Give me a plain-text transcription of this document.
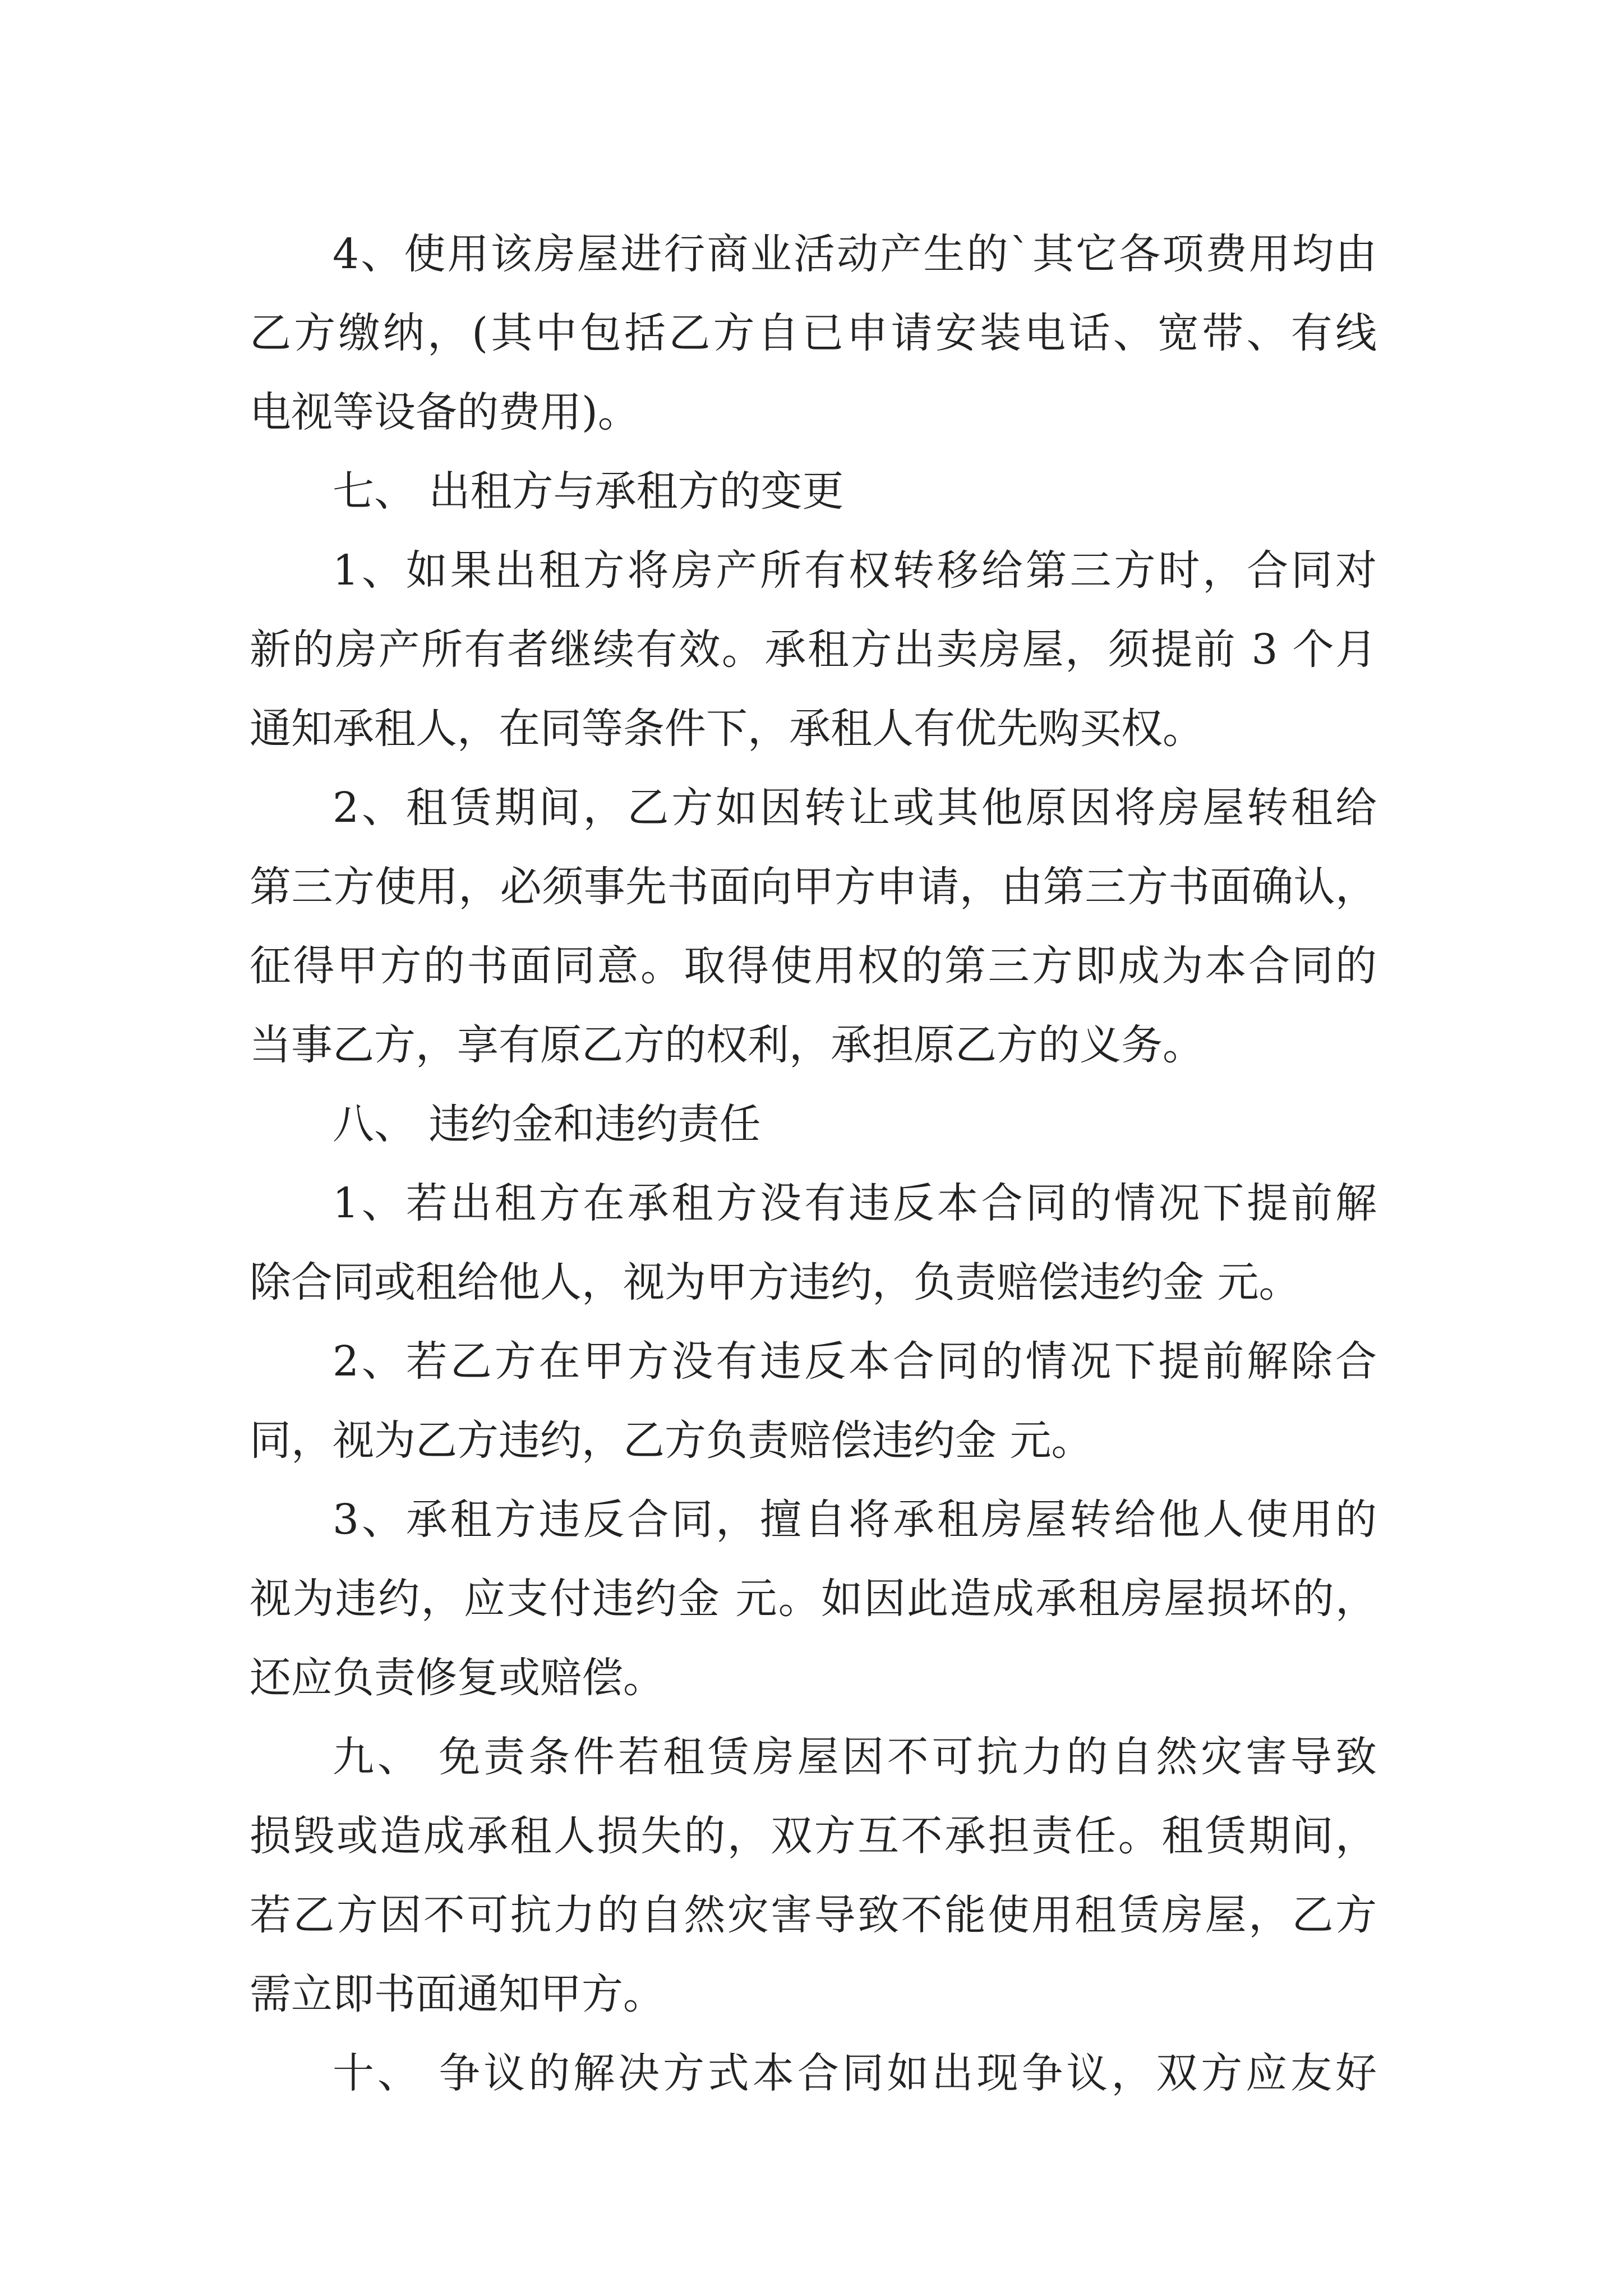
4、使用该房屋进行商业活动产生的`其它各项费用均由
乙方缴纳，(其中包括乙方自已申请安装电话、宽带、有线
电视等设备的费用)。
七、 出租方与承租方的变更
1、如果出租方将房产所有权转移给第三方时，合同对
新的房产所有者继续有效。承租方出卖房屋，须提前 3 个月
通知承租人，在同等条件下，承租人有优先购买权。
2、租赁期间，乙方如因转让或其他原因将房屋转租给
第三方使用，必须事先书面向甲方申请，由第三方书面确认，
征得甲方的书面同意。取得使用权的第三方即成为本合同的
当事乙方，享有原乙方的权利，承担原乙方的义务。
八、 违约金和违约责任
1、若出租方在承租方没有违反本合同的情况下提前解
除合同或租给他人，视为甲方违约，负责赔偿违约金 元。
2、若乙方在甲方没有违反本合同的情况下提前解除合
同，视为乙方违约，乙方负责赔偿违约金 元。
3、承租方违反合同，擅自将承租房屋转给他人使用的
视为违约，应支付违约金 元。如因此造成承租房屋损坏的，
还应负责修复或赔偿。
九、 免责条件若租赁房屋因不可抗力的自然灾害导致
损毁或造成承租人损失的，双方互不承担责任。租赁期间，
若乙方因不可抗力的自然灾害导致不能使用租赁房屋，乙方
需立即书面通知甲方。
十、 争议的解决方式本合同如出现争议，双方应友好
